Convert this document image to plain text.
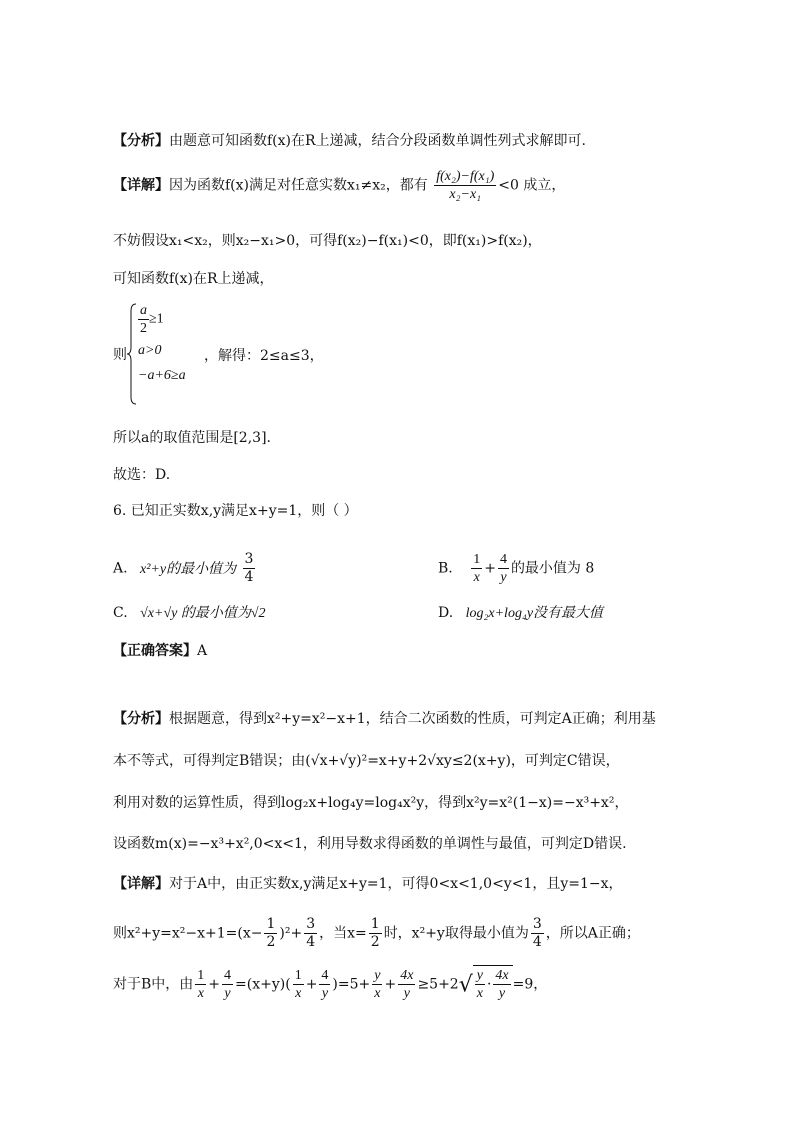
【分析】由题意可知函数f(x)在R上递减，结合分段函数单调性列式求解即可.
【详解】因为函数f(x)满足对任意实数x₁≠x₂，都有 $\frac{\text{f(x₂)−f(x₁)}}{\text{x₂−x₁}} <0$ 成立，
不妨假设x₁<x₂，则x₂−x₁>0，可得f(x₂)−f(x₁)<0，即f(x₁)>f(x₂)，
可知函数f(x)在R上递减，
则
$\frac{a}{2} \ge 1$
a>0
−a+6≥a
，解得：2≤a≤3，
所以a的取值范围是[2,3].
故选：D.
6. 已知正实数x,y满足x+y=1，则（ ）
A. x²+y的最小值为 $\frac{3}{4}$	B. $\frac{1}{x} + \frac{4}{y}$ 的最小值为 8
C. √x+√y 的最小值为√2	D. log₂x+log₄y没有最大值
【正确答案】A
【分析】根据题意，得到x²+y=x²−x+1，结合二次函数的性质，可判定A正确；利用基
本不等式，可得判定B错误；由(√x+√y)²=x+y+2√xy≤2(x+y)，可判定C错误，
利用对数的运算性质，得到log₂x+log₄y=log₄x²y，得到x²y=x²(1−x)=−x³+x²，
设函数m(x)=−x³+x²,0<x<1，利用导数求得函数的单调性与最值，可判定D错误.
【详解】对于A中，由正实数x,y满足x+y=1，可得0<x<1,0<y<1，且y=1−x，
则$x^2+y=x^2-x+1=(x- \frac{1}{2} )^2+ \frac{3}{4}$ ，当$x= \frac{1}{2}$ 时，x²+y取得最小值为 $\frac{3}{4}$ ，所以A正确；
对于B中，由 $\frac{1}{x} + \frac{4}{y} =(x+y)( \frac{1}{x} + \frac{4}{y} )=5+ \frac{y}{x} + \frac{4x}{y} \ge 5+2√ \frac{y}{x} \cdot \frac{4x}{y} =9$，
